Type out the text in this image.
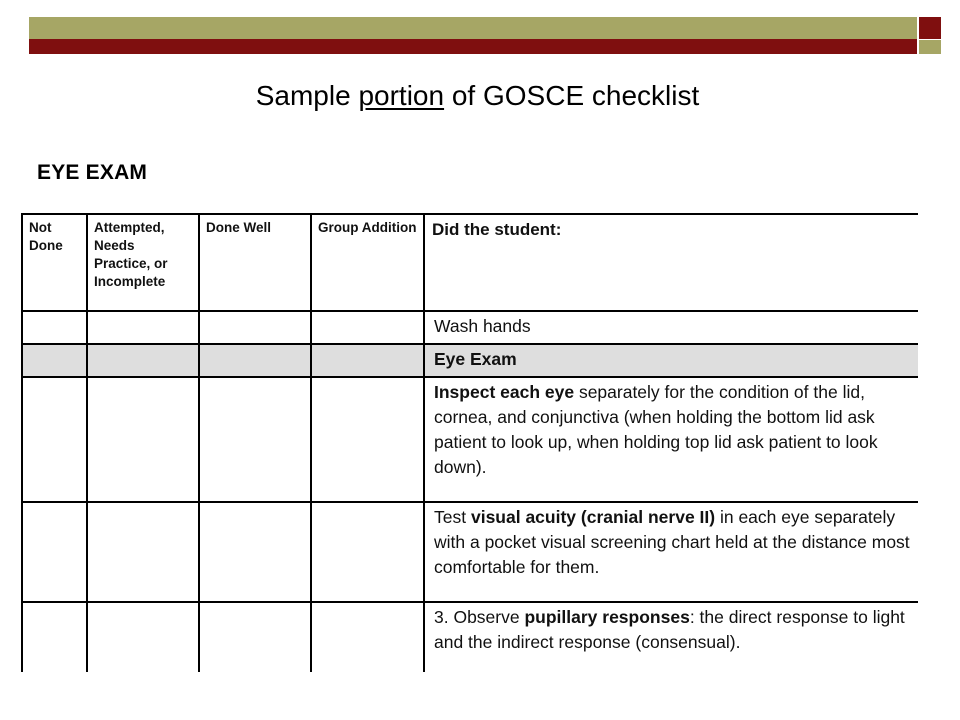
Sample portion of GOSCE checklist
EYE EXAM
Not Done	Attempted, Needs Practice, or Incomplete	Done Well	Group Addition	Did the student:
				Wash hands
				Eye Exam
				Inspect each eye separately for the condition of the lid, cornea, and conjunctiva (when holding the bottom lid ask patient to look up, when holding top lid ask patient to look down).
				Test visual acuity (cranial nerve II) in each eye separately with a pocket visual screening chart held at the distance most comfortable for them.
				3. Observe pupillary responses: the direct response to light and the indirect response (consensual).
